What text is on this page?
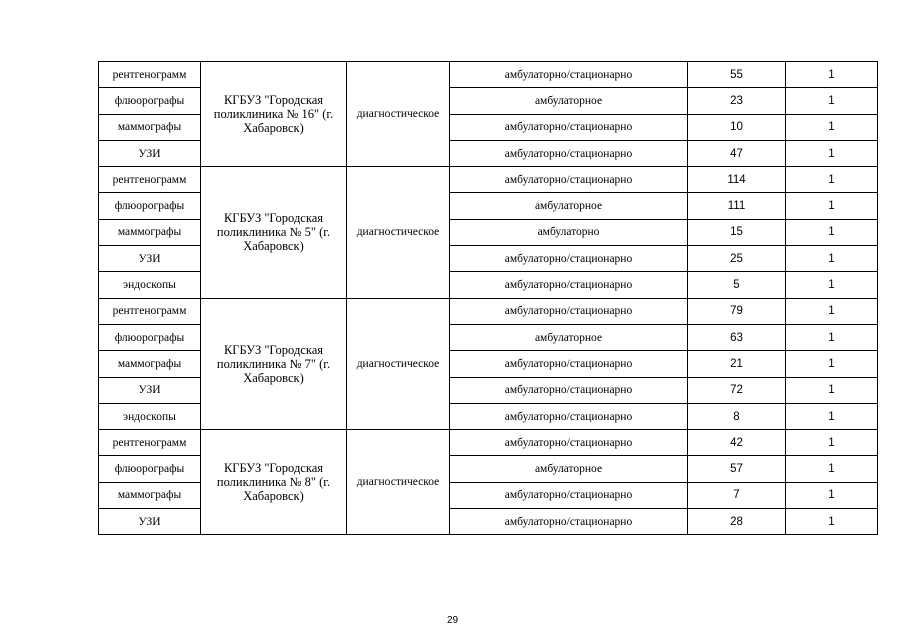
рентгенограмм	КГБУЗ "Городская поликлиника № 16" (г. Хабаровск)	диагностическое	амбулаторно/стационарно	55	1
флюорографы			амбулаторное	23	1
маммографы			амбулаторно/стационарно	10	1
УЗИ			амбулаторно/стационарно	47	1
рентгенограмм	КГБУЗ "Городская поликлиника № 5" (г. Хабаровск)	диагностическое	амбулаторно/стационарно	114	1
флюорографы			амбулаторное	111	1
маммографы			амбулаторно	15	1
УЗИ			амбулаторно/стационарно	25	1
эндоскопы			амбулаторно/стационарно	5	1
рентгенограмм	КГБУЗ "Городская поликлиника № 7" (г. Хабаровск)	диагностическое	амбулаторно/стационарно	79	1
флюорографы			амбулаторное	63	1
маммографы			амбулаторно/стационарно	21	1
УЗИ			амбулаторно/стационарно	72	1
эндоскопы			амбулаторно/стационарно	8	1
рентгенограмм	КГБУЗ "Городская поликлиника № 8" (г. Хабаровск)	диагностическое	амбулаторно/стационарно	42	1
флюорографы			амбулаторное	57	1
маммографы			амбулаторно/стационарно	7	1
УЗИ			амбулаторно/стационарно	28	1
29
